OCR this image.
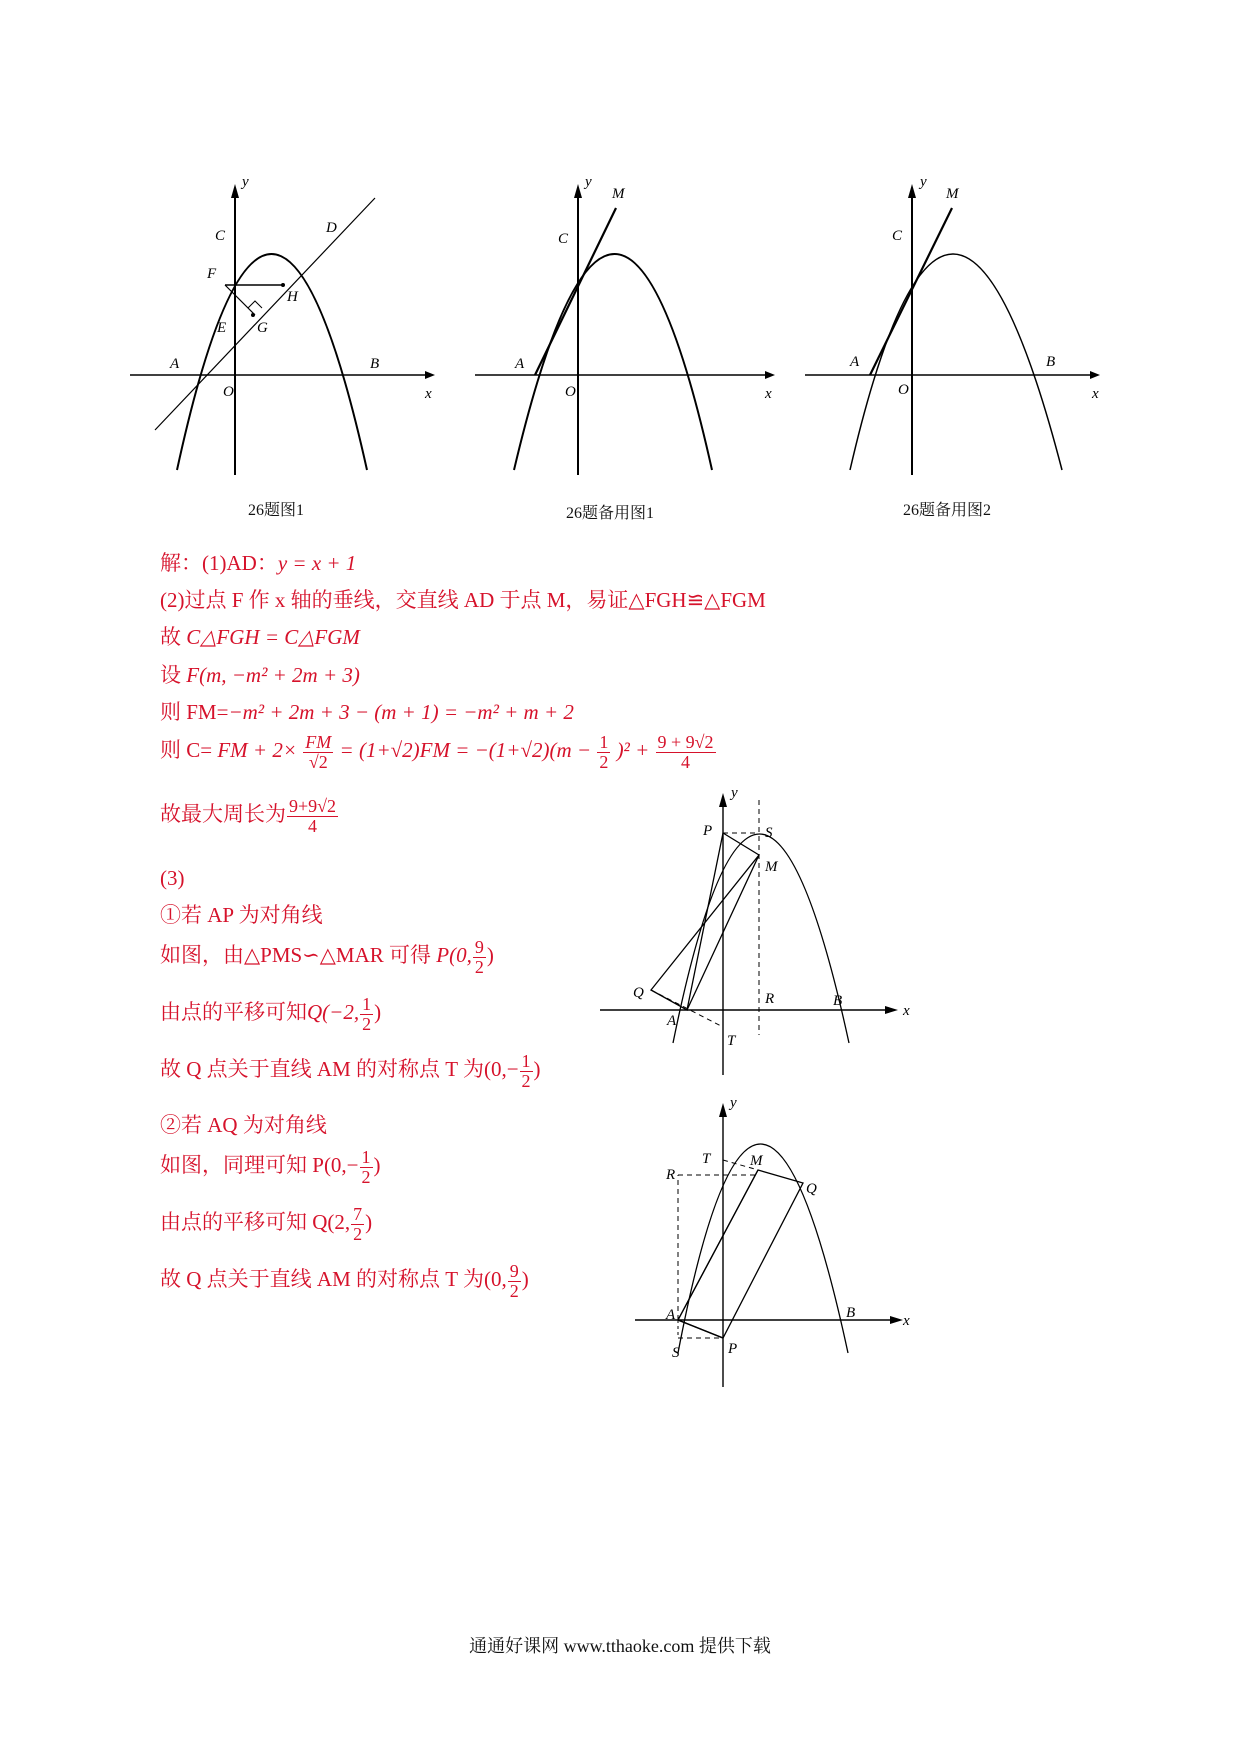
y
x
C	D
F
H
E G
A
O
B
26题图1
y
M
C
A
O	x
26题备用图1
y
M
C
A
O
B
x
26题备用图2
解：(1)AD：y = x + 1
(2)过点 F 作 x 轴的垂线，交直线 AD 于点 M，易证△FGH≌△FGM
故 C△FGH = C△FGM
设 F(m, −m² + 2m + 3)
则 FM=−m² + 2m + 3 − (m + 1) = −m² + m + 2
则 C= FM + $2\times \frac{FM}{√2} = (1+√2)FM = -(1+√2)(m - \frac{1}{2} )^2 + \frac{9 + 9√2}{4}$
故最大周长为 $\frac{9+9√2}{4}$
(3)
①若 AP 为对角线
如图，由△PMS∽△MAR 可得 P(0, $\frac{9}{2}$ )
由点的平移可知Q(−2, $\frac{1}{2}$ )
故 Q 点关于直线 AM 的对称点 T 为($0,- \frac{1}{2}$ )
②若 AQ 为对角线
如图，同理可知 $P(0,- \frac{1}{2}$ )
由点的平移可知 Q(2, $\frac{7}{2}$ )
故 Q 点关于直线 AM 的对称点 T 为(0, $\frac{9}{2}$ )
y
P	S
M
Q	R	B
x
A
T
y
T	M
R
Q
A	B	x
S	P
通通好课网 www.tthaoke.com 提供下载
